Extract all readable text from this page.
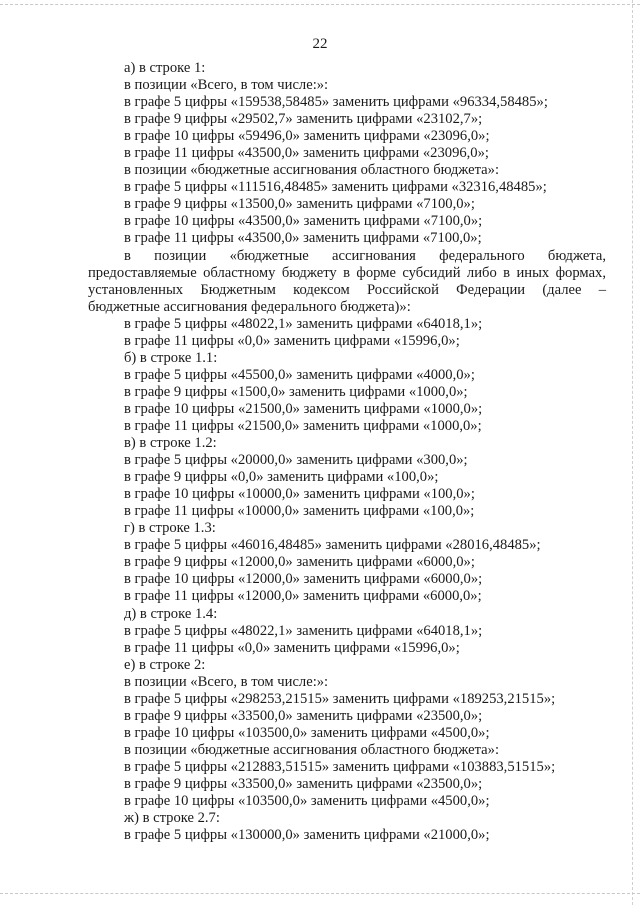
22
а) в строке 1:
в позиции «Всего, в том числе:»:
в графе 5 цифры «159538,58485» заменить цифрами «96334,58485»;
в графе 9 цифры «29502,7» заменить цифрами «23102,7»;
в графе 10 цифры «59496,0» заменить цифрами «23096,0»;
в графе 11 цифры «43500,0» заменить цифрами «23096,0»;
в позиции «бюджетные ассигнования областного бюджета»:
в графе 5 цифры «111516,48485» заменить цифрами «32316,48485»;
в графе 9 цифры «13500,0» заменить цифрами «7100,0»;
в графе 10 цифры «43500,0» заменить цифрами «7100,0»;
в графе 11 цифры «43500,0» заменить цифрами «7100,0»;
в позиции «бюджетные ассигнования федерального бюджета,
предоставляемые областному бюджету в форме субсидий либо в иных формах,
установленных Бюджетным кодексом Российской Федерации (далее –
бюджетные ассигнования федерального бюджета)»:
в графе 5 цифры «48022,1» заменить цифрами «64018,1»;
в графе 11 цифры «0,0» заменить цифрами «15996,0»;
б) в строке 1.1:
в графе 5 цифры «45500,0» заменить цифрами «4000,0»;
в графе 9 цифры «1500,0» заменить цифрами «1000,0»;
в графе 10 цифры «21500,0» заменить цифрами «1000,0»;
в графе 11 цифры «21500,0» заменить цифрами «1000,0»;
в) в строке 1.2:
в графе 5 цифры «20000,0» заменить цифрами «300,0»;
в графе 9 цифры «0,0» заменить цифрами «100,0»;
в графе 10 цифры «10000,0» заменить цифрами «100,0»;
в графе 11 цифры «10000,0» заменить цифрами «100,0»;
г) в строке 1.3:
в графе 5 цифры «46016,48485» заменить цифрами «28016,48485»;
в графе 9 цифры «12000,0» заменить цифрами «6000,0»;
в графе 10 цифры «12000,0» заменить цифрами «6000,0»;
в графе 11 цифры «12000,0» заменить цифрами «6000,0»;
д) в строке 1.4:
в графе 5 цифры «48022,1» заменить цифрами «64018,1»;
в графе 11 цифры «0,0» заменить цифрами «15996,0»;
е) в строке 2:
в позиции «Всего, в том числе:»:
в графе 5 цифры «298253,21515» заменить цифрами «189253,21515»;
в графе 9 цифры «33500,0» заменить цифрами «23500,0»;
в графе 10 цифры «103500,0» заменить цифрами «4500,0»;
в позиции «бюджетные ассигнования областного бюджета»:
в графе 5 цифры «212883,51515» заменить цифрами «103883,51515»;
в графе 9 цифры «33500,0» заменить цифрами «23500,0»;
в графе 10 цифры «103500,0» заменить цифрами «4500,0»;
ж) в строке 2.7:
в графе 5 цифры «130000,0» заменить цифрами «21000,0»;
